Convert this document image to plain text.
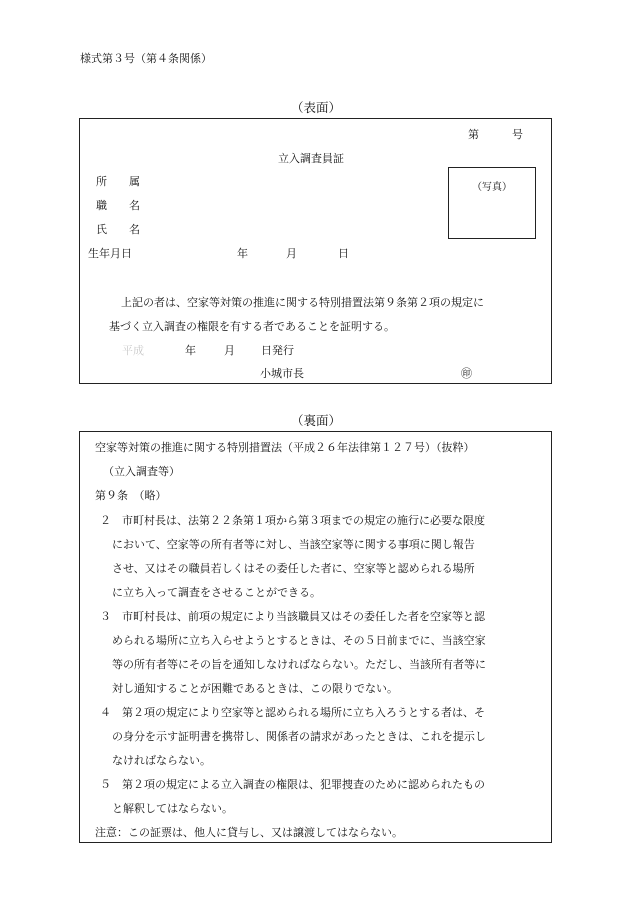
様式第３号（第４条関係）
（表面）
第　　　号
立入調査員証
所　　属
職　　名
氏　　名
生年月日	年	月	日
（写真）
上記の者は、空家等対策の推進に関する特別措置法第９条第２項の規定に
基づく立入調査の権限を有する者であることを証明する。
平成	年	月 日発行
小城市長	㊞
（裏面）
空家等対策の推進に関する特別措置法（平成２６年法律第１２７号）（抜粋）
（立入調査等）
第９条　（略）
２　市町村長は、法第２２条第１項から第３項までの規定の施行に必要な限度
において、空家等の所有者等に対し、当該空家等に関する事項に関し報告
させ、又はその職員若しくはその委任した者に、空家等と認められる場所
に立ち入って調査をさせることができる。
３　市町村長は、前項の規定により当該職員又はその委任した者を空家等と認
められる場所に立ち入らせようとするときは、その５日前までに、当該空家
等の所有者等にその旨を通知しなければならない。ただし、当該所有者等に
対し通知することが困難であるときは、この限りでない。
４　第２項の規定により空家等と認められる場所に立ち入ろうとする者は、そ
の身分を示す証明書を携帯し、関係者の請求があったときは、これを提示し
なければならない。
５　第２項の規定による立入調査の権限は、犯罪捜査のために認められたもの
と解釈してはならない。
注意：この証票は、他人に貸与し、又は譲渡してはならない。
